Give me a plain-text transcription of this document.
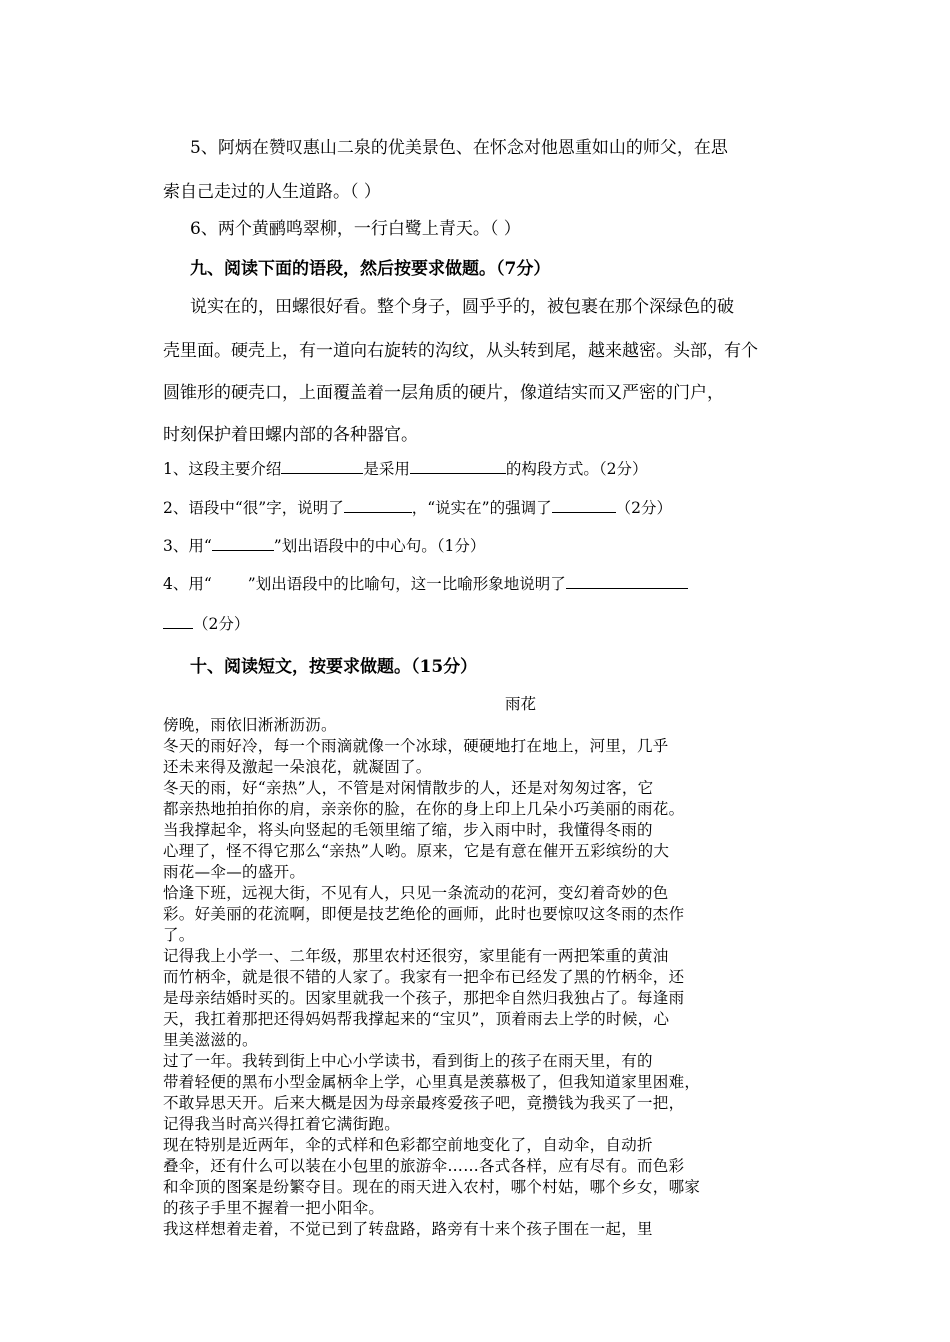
5、阿炳在赞叹惠山二泉的优美景色、在怀念对他恩重如山的师父，在思
索自己走过的人生道路。（ ）
6、两个黄鹂鸣翠柳，一行白鹭上青天。（ ）
九、阅读下面的语段，然后按要求做题。（7分）
说实在的，田螺很好看。整个身子，圆乎乎的，被包裹在那个深绿色的破
壳里面。硬壳上，有一道向右旋转的沟纹，从头转到尾，越来越密。头部，有个
圆锥形的硬壳口，上面覆盖着一层角质的硬片，像道结实而又严密的门户，
时刻保护着田螺内部的各种器官。
1、这段主要介绍	是采用	的构段方式。（2分）
2、语段中“很”字，说明了	，“说实在”的强调了	（2分）
3、用“	”划出语段中的中心句。（1分）
4、用“ ”划出语段中的比喻句，这一比喻形象地说明了
（2分）
十、阅读短文，按要求做题。（15分）
雨花
傍晚，雨依旧淅淅沥沥。
冬天的雨好冷，每一个雨滴就像一个冰球，硬硬地打在地上，河里，几乎
还未来得及激起一朵浪花，就凝固了。
冬天的雨，好“亲热”人，不管是对闲情散步的人，还是对匆匆过客，它
都亲热地拍拍你的肩，亲亲你的脸，在你的身上印上几朵小巧美丽的雨花。
当我撑起伞，将头向竖起的毛领里缩了缩，步入雨中时，我懂得冬雨的
心理了，怪不得它那么“亲热”人哟。原来，它是有意在催开五彩缤纷的大
雨花—伞—的盛开。
恰逢下班，远视大街，不见有人，只见一条流动的花河，变幻着奇妙的色
彩。好美丽的花流啊，即便是技艺绝伦的画师，此时也要惊叹这冬雨的杰作
了。
记得我上小学一、二年级，那里农村还很穷，家里能有一两把笨重的黄油
而竹柄伞，就是很不错的人家了。我家有一把伞布已经发了黑的竹柄伞，还
是母亲结婚时买的。因家里就我一个孩子，那把伞自然归我独占了。每逢雨
天，我扛着那把还得妈妈帮我撑起来的“宝贝”，顶着雨去上学的时候，心
里美滋滋的。
过了一年。我转到街上中心小学读书，看到街上的孩子在雨天里，有的
带着轻便的黑布小型金属柄伞上学，心里真是羡慕极了，但我知道家里困难，
不敢异思天开。后来大概是因为母亲最疼爱孩子吧，竟攒钱为我买了一把，
记得我当时高兴得扛着它满街跑。
现在特别是近两年，伞的式样和色彩都空前地变化了，自动伞，自动折
叠伞，还有什么可以装在小包里的旅游伞……各式各样，应有尽有。而色彩
和伞顶的图案是纷繁夺目。现在的雨天进入农村，哪个村姑，哪个乡女，哪家
的孩子手里不握着一把小阳伞。
我这样想着走着，不觉已到了转盘路，路旁有十来个孩子围在一起，里
